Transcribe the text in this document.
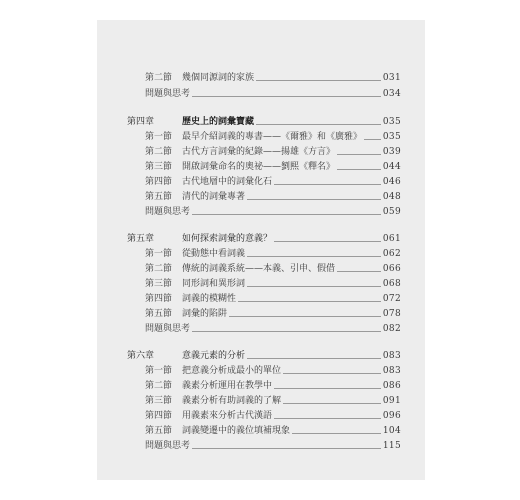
第二節 幾個同源詞的家族	031
問題與思考	034
第四章	歷史上的詞彙寶藏	035
第一節 最早介紹詞義的專書——《爾雅》和《廣雅》 035
第二節 古代方言詞彙的紀錄——揚雄《方言》	039
第三節 開啟詞彙命名的奧祕——劉熙《釋名》	044
第四節 古代地層中的詞彙化石	046
第五節 清代的詞彙專著	048
問題與思考	059
第五章	如何探索詞彙的意義？	061
第一節 從動態中看詞義	062
第二節 傳統的詞義系統——本義、引申、假借	066
第三節 同形詞和異形詞	068
第四節 詞義的模糊性	072
第五節 詞彙的陷阱	078
問題與思考	082
第六章	意義元素的分析	083
第一節 把意義分析成最小的單位	083
第二節 義素分析運用在教學中	086
第三節 義素分析有助詞義的了解	091
第四節 用義素來分析古代漢語	096
第五節 詞義變遷中的義位填補現象	104
問題與思考	115
